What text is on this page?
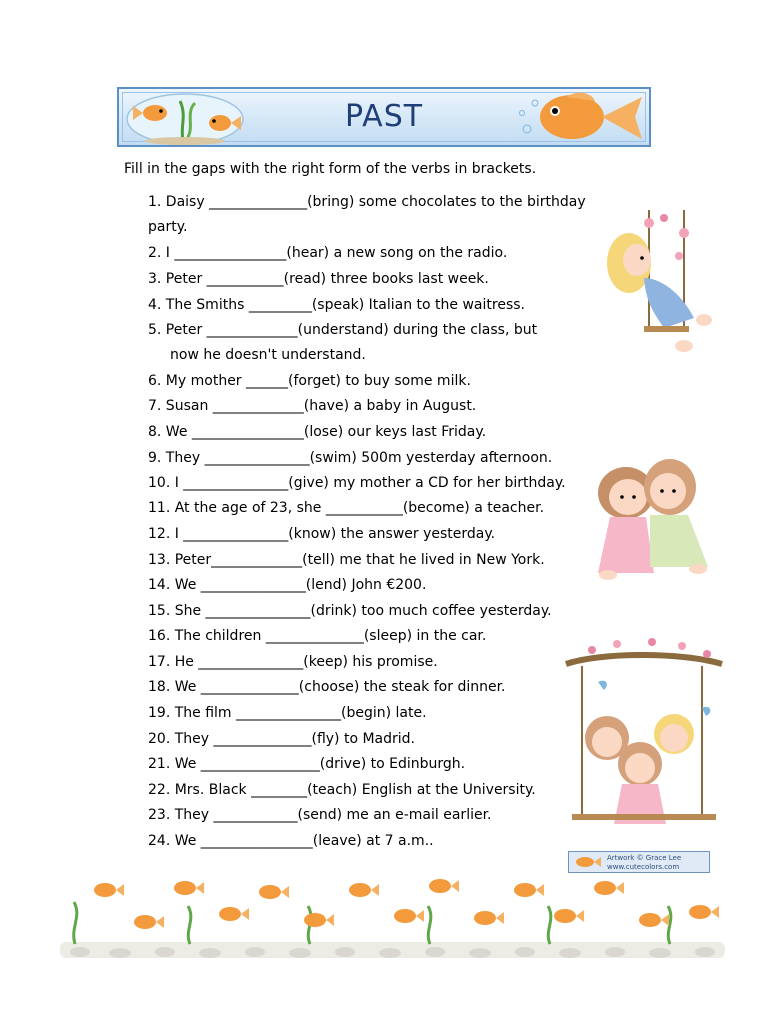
PAST
Fill in the gaps with the right form of the verbs in brackets.
1. Daisy ______________(bring) some chocolates to the birthday
party.
2. I ________________(hear) a new song on the radio.
3. Peter ___________(read) three books last week.
4. The Smiths _________(speak) Italian to the waitress.
5. Peter _____________(understand) during the class, but
now he doesn't understand.
6. My mother ______(forget) to buy some milk.
7. Susan _____________(have) a baby in August.
8. We ________________(lose) our keys last Friday.
9. They _______________(swim) 500m yesterday afternoon.
10. I _______________(give) my mother a CD for her birthday.
11. At the age of 23, she ___________(become) a teacher.
12. I _______________(know) the answer yesterday.
13. Peter_____________(tell) me that he lived in New York.
14. We _______________(lend) John €200.
15. She _______________(drink) too much coffee yesterday.
16. The children ______________(sleep) in the car.
17. He _______________(keep) his promise.
18. We ______________(choose) the steak for dinner.
19. The film _______________(begin) late.
20. They ______________(fly) to Madrid.
21. We _________________(drive) to Edinburgh.
22. Mrs. Black ________(teach) English at the University.
23. They ____________(send) me an e-mail earlier.
24. We ________________(leave) at 7 a.m..
Artwork © Grace Lee
www.cutecolors.com
